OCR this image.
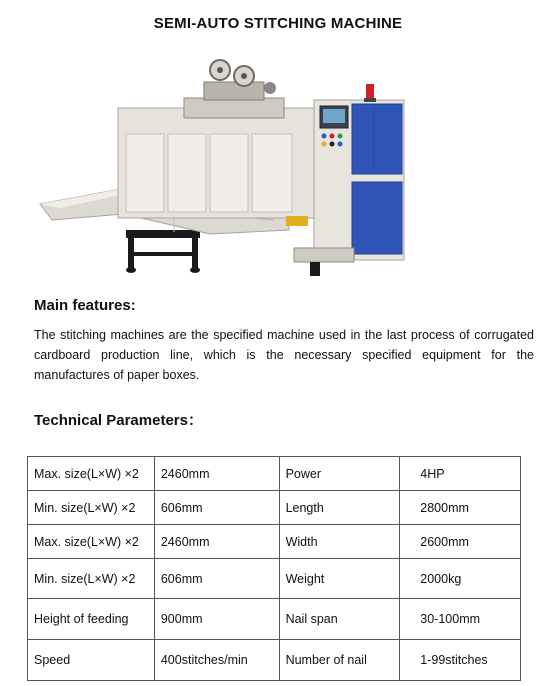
SEMI-AUTO STITCHING MACHINE
Main features:
The stitching machines are the specified machine used in the last process of corrugated cardboard production line, which is the necessary specified equipment for the manufactures of paper boxes.
Technical Parameters：
Max. size(L×W) ×2	2460mm	Power	4HP
Min. size(L×W) ×2	606mm	Length	2800mm
Max. size(L×W) ×2	2460mm	Width	2600mm
Min. size(L×W) ×2	606mm	Weight	2000kg
Height of feeding	900mm	Nail span	30-100mm
Speed	400stitches/min	Number of nail	1-99stitches
